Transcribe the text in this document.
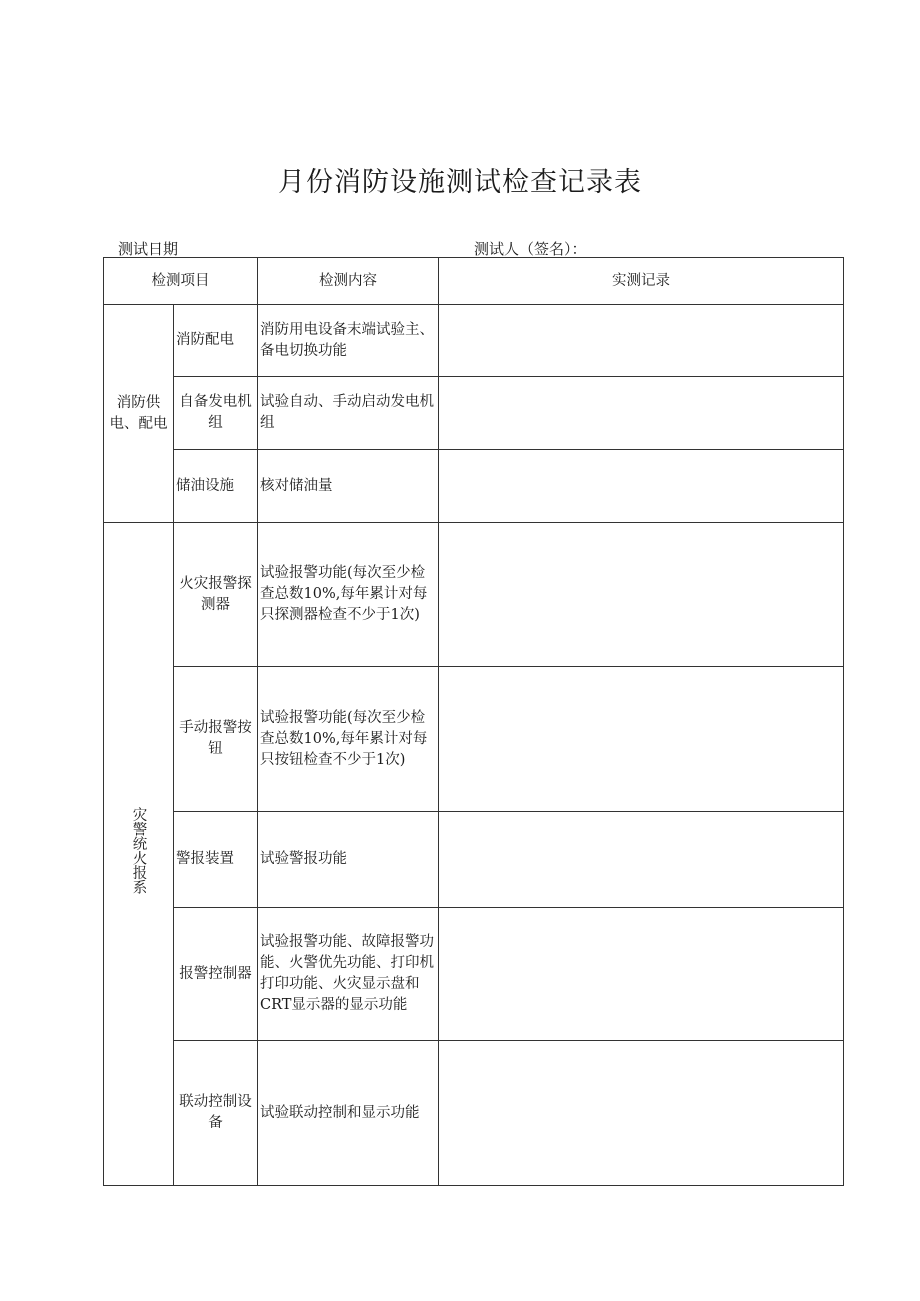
月份消防设施测试检查记录表
测试日期	测试人（签名）：
检测项目		检测内容	实测记录
消防供电、配电	消防配电	消防用电设备末端试验主、备电切换功能	
	自备发电机组	试验自动、手动启动发电机组	
	储油设施	核对储油量	
灾警统火报系	火灾报警探测器	试验报警功能(每次至少检查总数10%,每年累计对每只探测器检查不少于1次)	
	手动报警按钮	试验报警功能(每次至少检查总数10%,每年累计对每只按钮检查不少于1次)	
	警报装置	试验警报功能	
	报警控制器	试验报警功能、故障报警功能、火警优先功能、打印机打印功能、火灾显示盘和CRT显示器的显示功能	
	联动控制设备	试验联动控制和显示功能	
